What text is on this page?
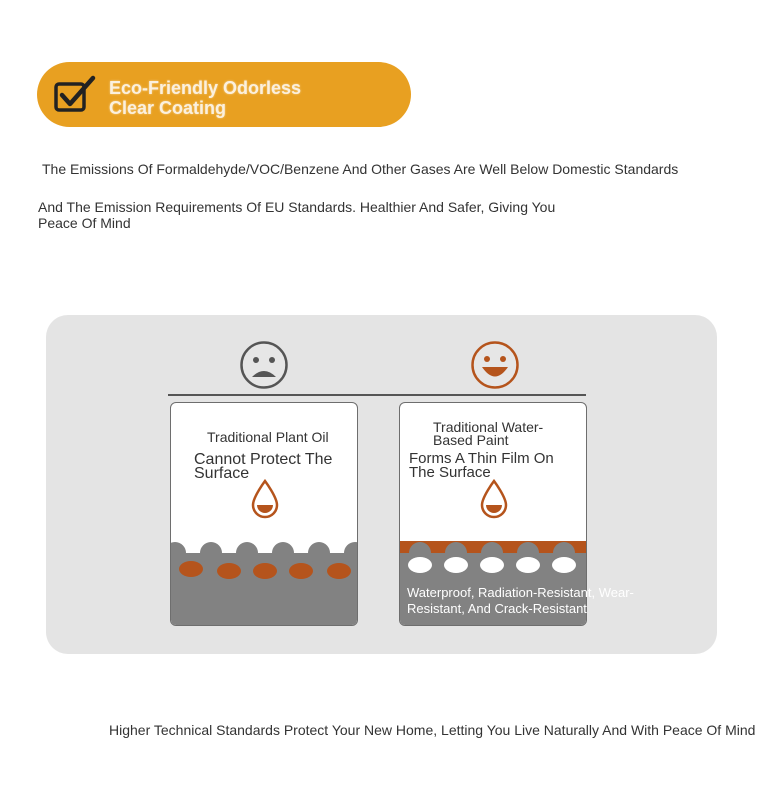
Eco-Friendly Odorless
Clear Coating
The Emissions Of Formaldehyde/VOC/Benzene And Other Gases Are Well Below Domestic Standards
And The Emission Requirements Of EU Standards. Healthier And Safer, Giving You Peace Of Mind
Traditional Plant Oil
Cannot Protect The Surface
Traditional Water-Based Paint
Forms A Thin Film On The Surface
Waterproof, Radiation-Resistant, Wear-Resistant, And Crack-Resistant
Higher Technical Standards Protect Your New Home, Letting You Live Naturally And With Peace Of Mind
